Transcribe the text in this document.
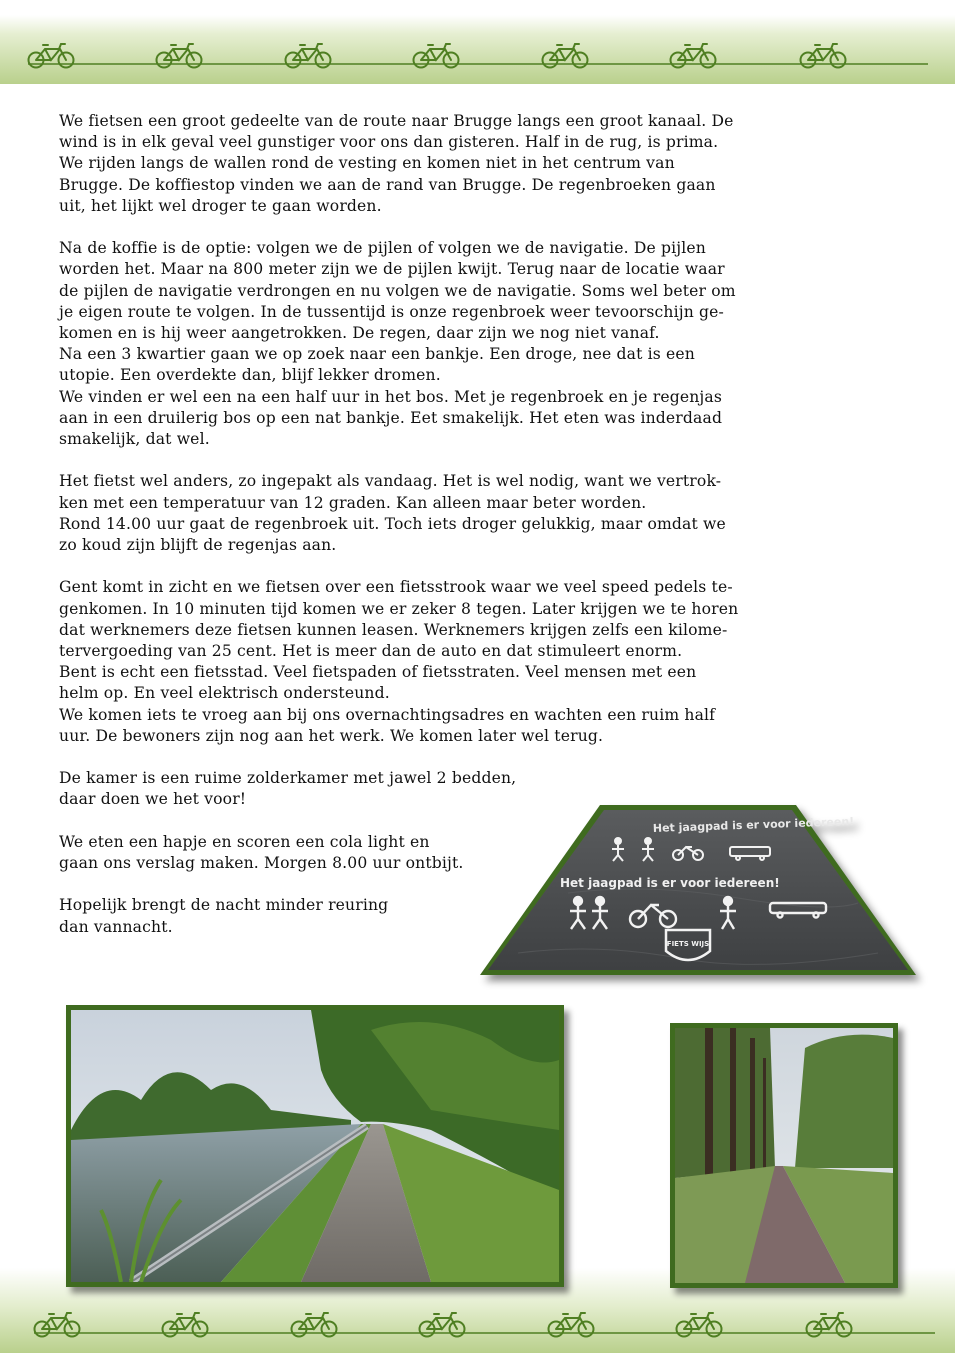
We fietsen een groot gedeelte van de route naar Brugge langs een groot kanaal. De
wind is in elk geval veel gunstiger voor ons dan gisteren. Half in de rug, is prima.
We rijden langs de wallen rond de vesting en komen niet in het centrum van
Brugge. De koffiestop vinden we aan de rand van Brugge. De regenbroeken gaan
uit, het lijkt wel droger te gaan worden.

Na de koffie is de optie: volgen we de pijlen of volgen we de navigatie. De pijlen
worden het. Maar na 800 meter zijn we de pijlen kwijt. Terug naar de locatie waar
de pijlen de navigatie verdrongen en nu volgen we de navigatie. Soms wel beter om
je eigen route te volgen. In de tussentijd is onze regenbroek weer tevoorschijn ge-
komen en is hij weer aangetrokken. De regen, daar zijn we nog niet vanaf.
Na een 3 kwartier gaan we op zoek naar een bankje. Een droge, nee dat is een
utopie. Een overdekte dan, blijf lekker dromen.
We vinden er wel een na een half uur in het bos. Met je regenbroek en je regenjas
aan in een druilerig bos op een nat bankje. Eet smakelijk. Het eten was inderdaad
smakelijk, dat wel.

Het fietst wel anders, zo ingepakt als vandaag. Het is wel nodig, want we vertrok-
ken met een temperatuur van 12 graden. Kan alleen maar beter worden.
Rond 14.00 uur gaat de regenbroek uit. Toch iets droger gelukkig, maar omdat we
zo koud zijn blijft de regenjas aan.

Gent komt in zicht en we fietsen over een fietsstrook waar we veel speed pedels te-
genkomen. In 10 minuten tijd komen we er zeker 8 tegen. Later krijgen we te horen
dat werknemers deze fietsen kunnen leasen. Werknemers krijgen zelfs een kilome-
tervergoeding van 25 cent. Het is meer dan de auto en dat stimuleert enorm.
Bent is echt een fietsstad. Veel fietspaden of fietsstraten. Veel mensen met een
helm op. En veel elektrisch ondersteund.
We komen iets te vroeg aan bij ons overnachtingsadres en wachten een ruim half
uur. De bewoners zijn nog aan het werk. We komen later wel terug.

De kamer is een ruime zolderkamer met jawel 2 bedden,
daar doen we het voor!

We eten een hapje en scoren een cola light en
gaan ons verslag maken. Morgen 8.00 uur ontbijt.

Hopelijk brengt de nacht minder reuring
dan vannacht.

Het jaagpad is er voor iedereen!
Het jaagpad is er voor iedereen!
FIETS WIJS
